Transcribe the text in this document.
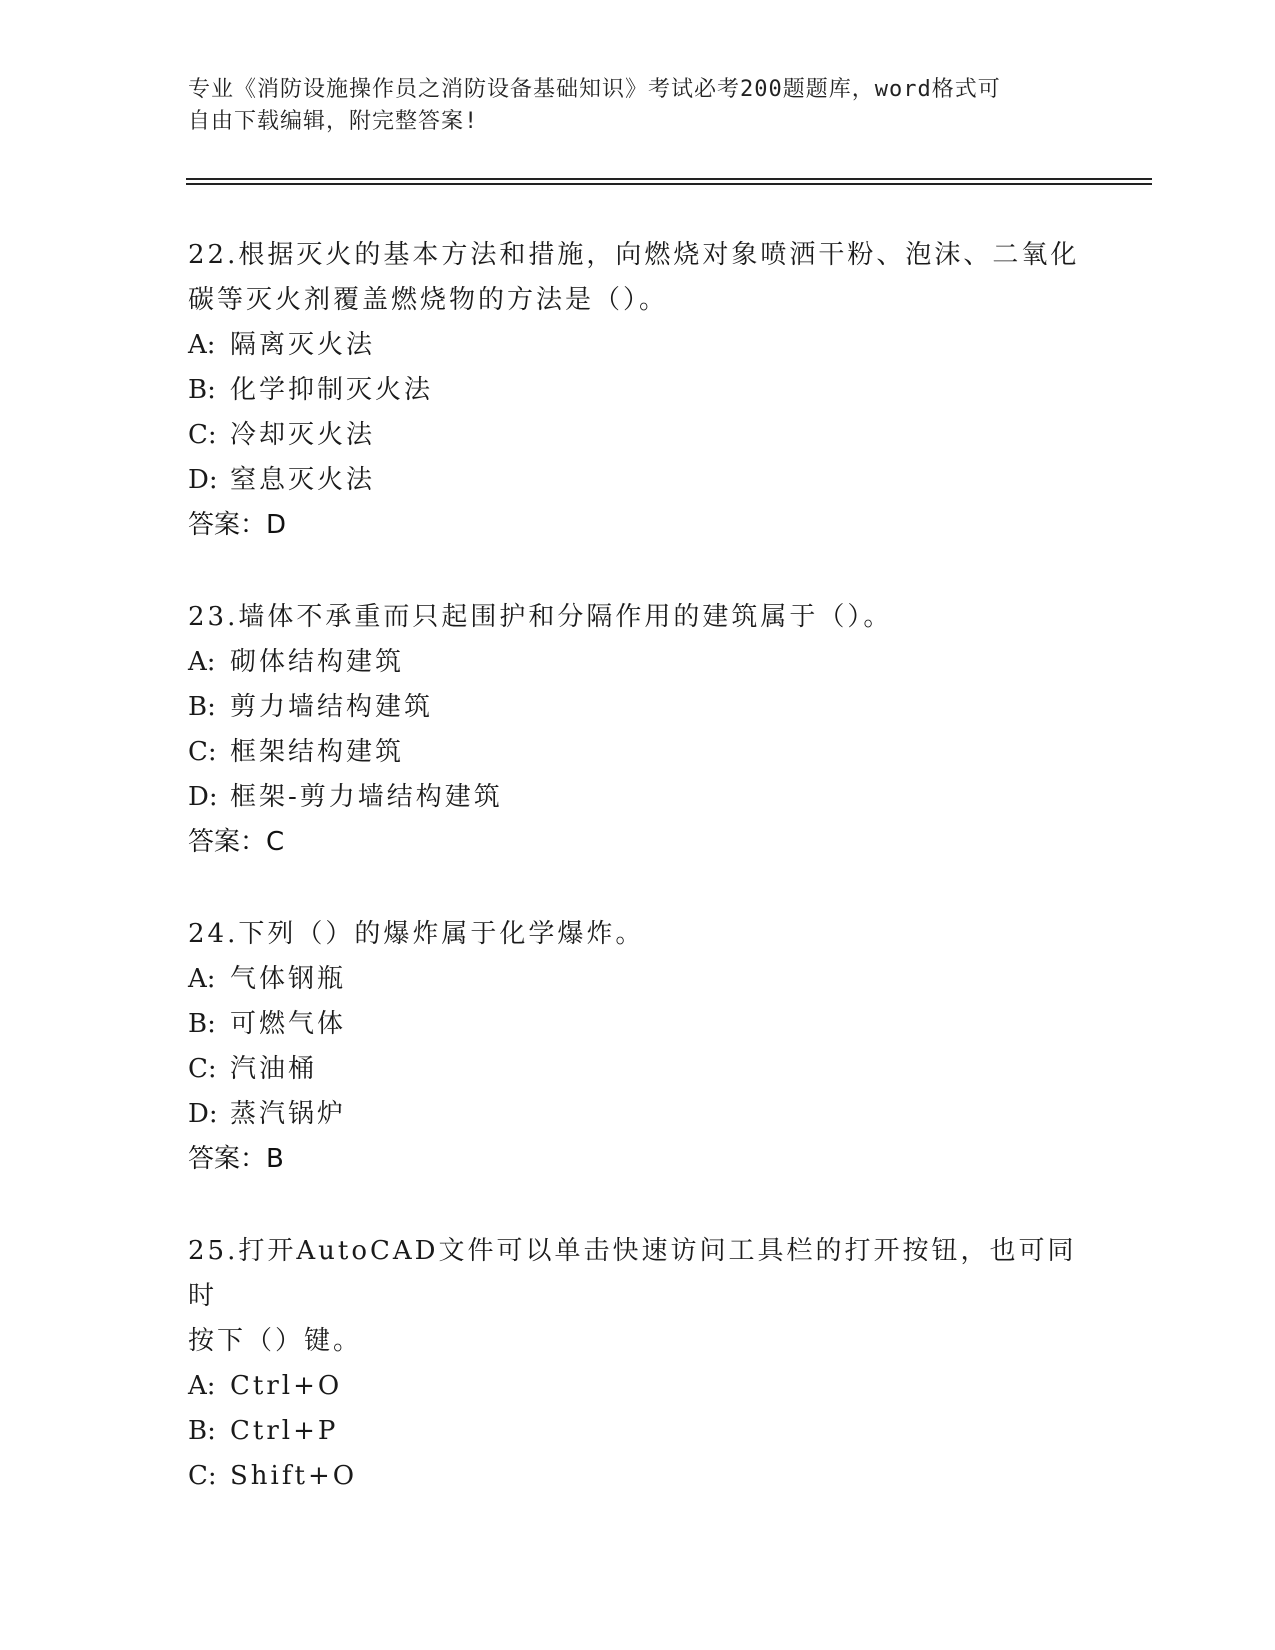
专业《消防设施操作员之消防设备基础知识》考试必考200题题库，word格式可
自由下载编辑，附完整答案!
22.根据灭火的基本方法和措施，向燃烧对象喷洒干粉、泡沫、二氧化
碳等灭火剂覆盖燃烧物的方法是（）。
A: 隔离灭火法
B: 化学抑制灭火法
C: 冷却灭火法
D: 窒息灭火法
答案：D
23.墙体不承重而只起围护和分隔作用的建筑属于（）。
A: 砌体结构建筑
B: 剪力墙结构建筑
C: 框架结构建筑
D: 框架-剪力墙结构建筑
答案：C
24.下列（）的爆炸属于化学爆炸。
A: 气体钢瓶
B: 可燃气体
C: 汽油桶
D: 蒸汽锅炉
答案：B
25.打开AutoCAD文件可以单击快速访问工具栏的打开按钮，也可同时
按下（）键。
A: Ctrl+O
B: Ctrl+P
C: Shift+O
